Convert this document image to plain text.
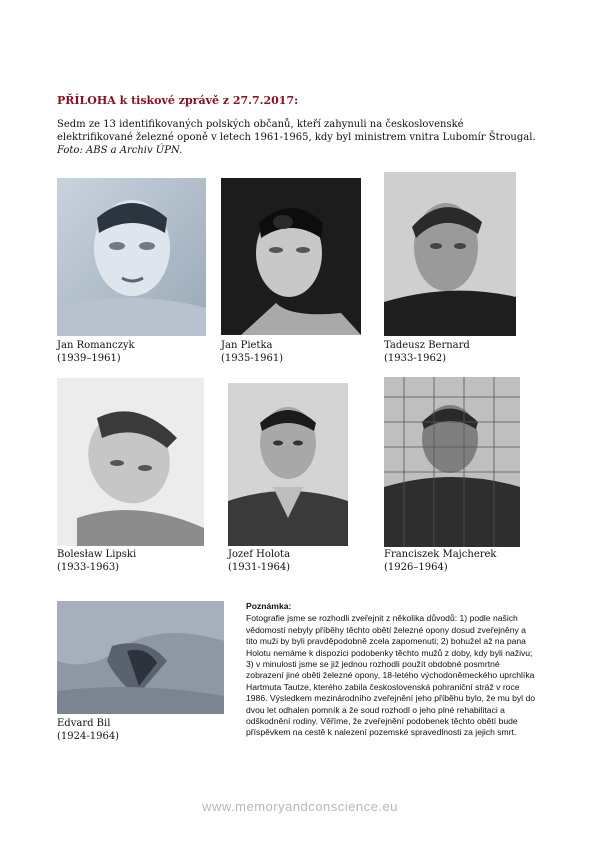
PŘÍLOHA k tiskové zprávě z 27.7.2017:
Sedm ze 13 identifikovaných polských občanů, kteří zahynuli na československé elektrifikované železné oponě v letech 1961-1965, kdy byl ministrem vnitra Lubomír Štrougal.
Foto: ABS a Archiv ÚPN.
Jan Romanczyk
(1939–1961)
Jan Pietka
(1935-1961)
Tadeusz Bernard
(1933-1962)
Bolesław Lipski
(1933-1963)
Jozef Holota
(1931-1964)
Franciszek Majcherek
(1926–1964)
Edvard Bil
(1924-1964)
Poznámka:
Fotografie jsme se rozhodli zveřejnit z několika důvodů: 1) podle našich vědomostí nebyly příběhy těchto obětí železné opony dosud zveřejněny a tito muži by byli pravděpodobně zcela zapomenuti; 2) bohužel až na pana Holotu nemáme k dispozici podobenky těchto mužů z doby, kdy byli naživu; 3) v minulosti jsme se již jednou rozhodli použít obdobné posmrtné zobrazení jiné oběti železné opony, 18-letého východoněmeckého uprchlíka Hartmuta Tautze, kterého zabila československá pohraniční stráž v roce 1986. Výsledkem mezinárodního zveřejnění jeho příběhu bylo, že mu byl do dvou let odhalen pomník a že soud rozhodl o jeho plné rehabilitaci a odškodnění rodiny. Věříme, že zveřejnění podobenek těchto obětí bude příspěvkem na cestě k nalezení pozemské spravedlnosti za jejich smrt.
www.memoryandconscience.eu
